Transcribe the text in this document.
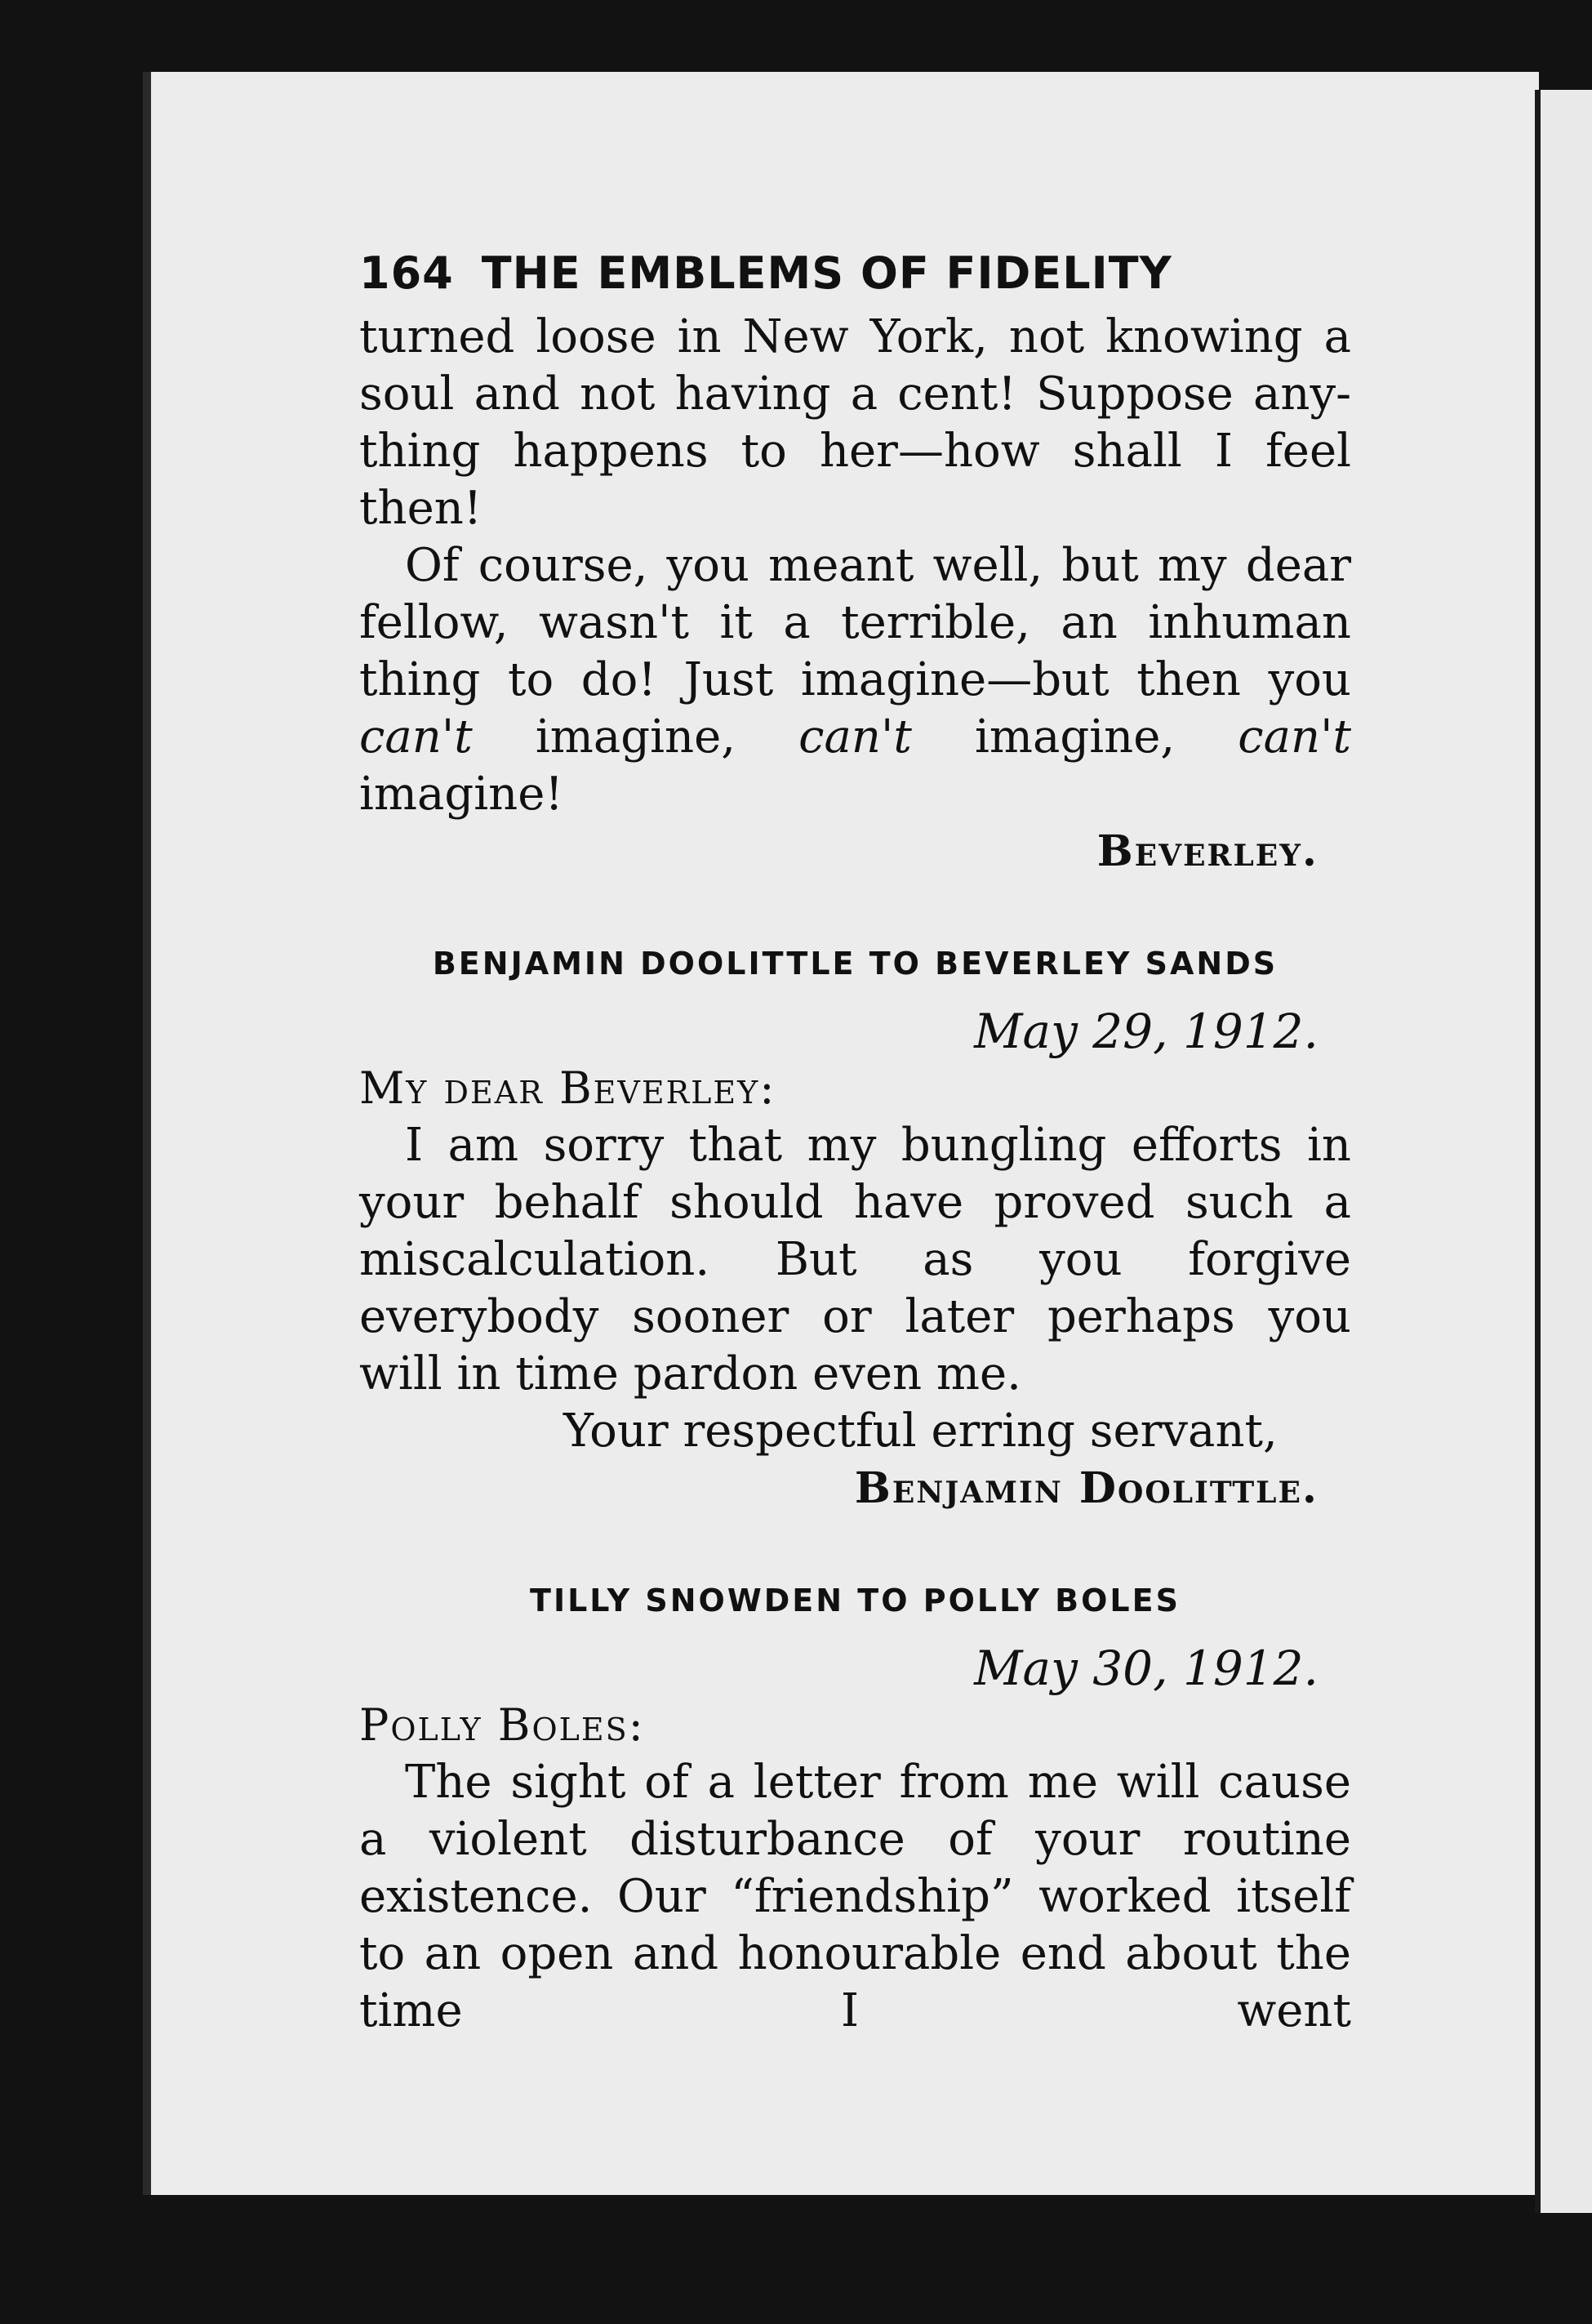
164 THE EMBLEMS OF FIDELITY

turned loose in New York, not knowing a

soul and not having a cent! Suppose any-

thing happens to her—how shall I feel then!

Of course, you meant well, but my dear fellow, wasn't it a terrible, an inhuman thing to do! Just imagine—but then you can't imagine, can't imagine, can't imagine!

Beverley.
BENJAMIN DOOLITTLE TO BEVERLEY SANDS
May 29, 1912.
My dear Beverley:

I am sorry that my bungling efforts in your behalf should have proved such a miscalculation. But as you forgive everybody sooner or later perhaps you will in time pardon even me.

Your respectful erring servant,
Benjamin Doolittle.
TILLY SNOWDEN TO POLLY BOLES
May 30, 1912.
Polly Boles:

The sight of a letter from me will cause a violent disturbance of your routine existence. Our “friendship” worked itself to an open and honourable end about the time I went
